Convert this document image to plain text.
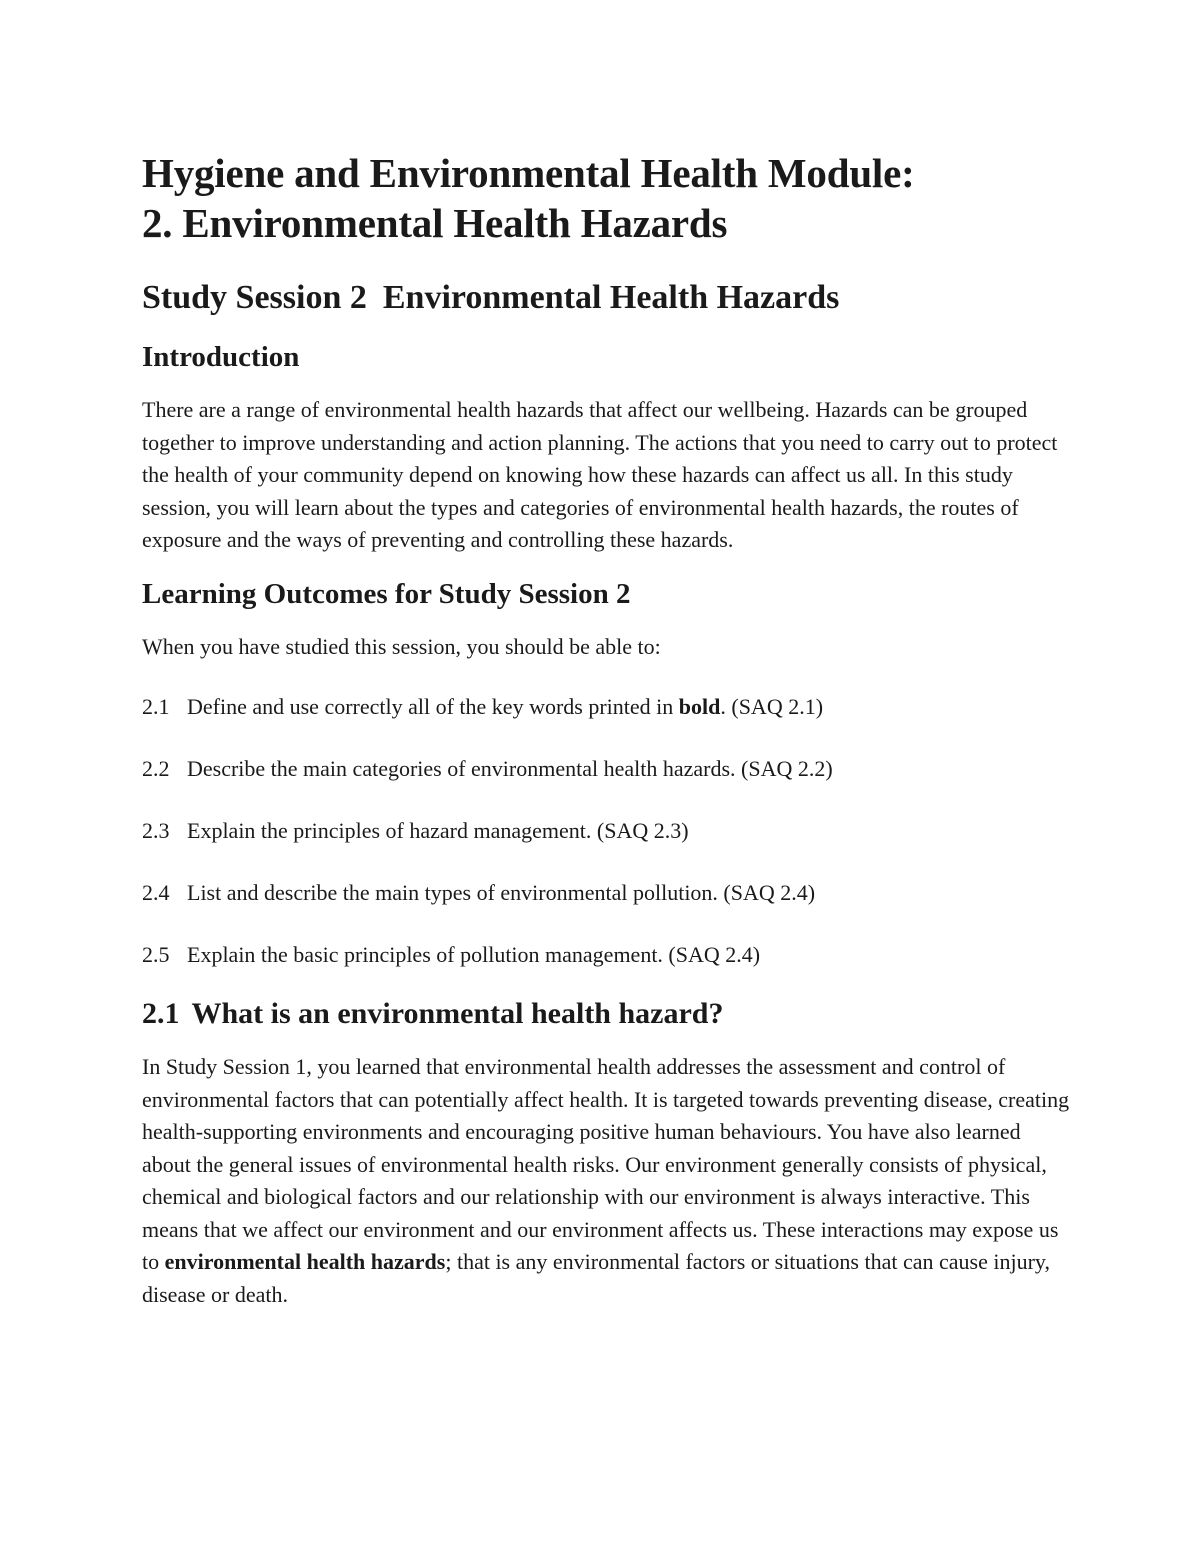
Hygiene and Environmental Health Module:
2. Environmental Health Hazards
Study Session 2 Environmental Health Hazards
Introduction

There are a range of environmental health hazards that affect our wellbeing. Hazards can be grouped together to improve understanding and action planning. The actions that you need to carry out to protect the health of your community depend on knowing how these hazards can affect us all. In this study session, you will learn about the types and categories of environmental health hazards, the routes of exposure and the ways of preventing and controlling these hazards.

Learning Outcomes for Study Session 2

When you have studied this session, you should be able to:

2.1 Define and use correctly all of the key words printed in bold. (SAQ 2.1)
2.2 Describe the main categories of environmental health hazards. (SAQ 2.2)
2.3 Explain the principles of hazard management. (SAQ 2.3)
2.4 List and describe the main types of environmental pollution. (SAQ 2.4)
2.5 Explain the basic principles of pollution management. (SAQ 2.4)
2.1 What is an environmental health hazard?

In Study Session 1, you learned that environmental health addresses the assessment and control of environmental factors that can potentially affect health. It is targeted towards preventing disease, creating health-supporting environments and encouraging positive human behaviours. You have also learned about the general issues of environmental health risks. Our environment generally consists of physical, chemical and biological factors and our relationship with our environment is always interactive. This means that we affect our environment and our environment affects us. These interactions may expose us to environmental health hazards; that is any environmental factors or situations that can cause injury, disease or death.
